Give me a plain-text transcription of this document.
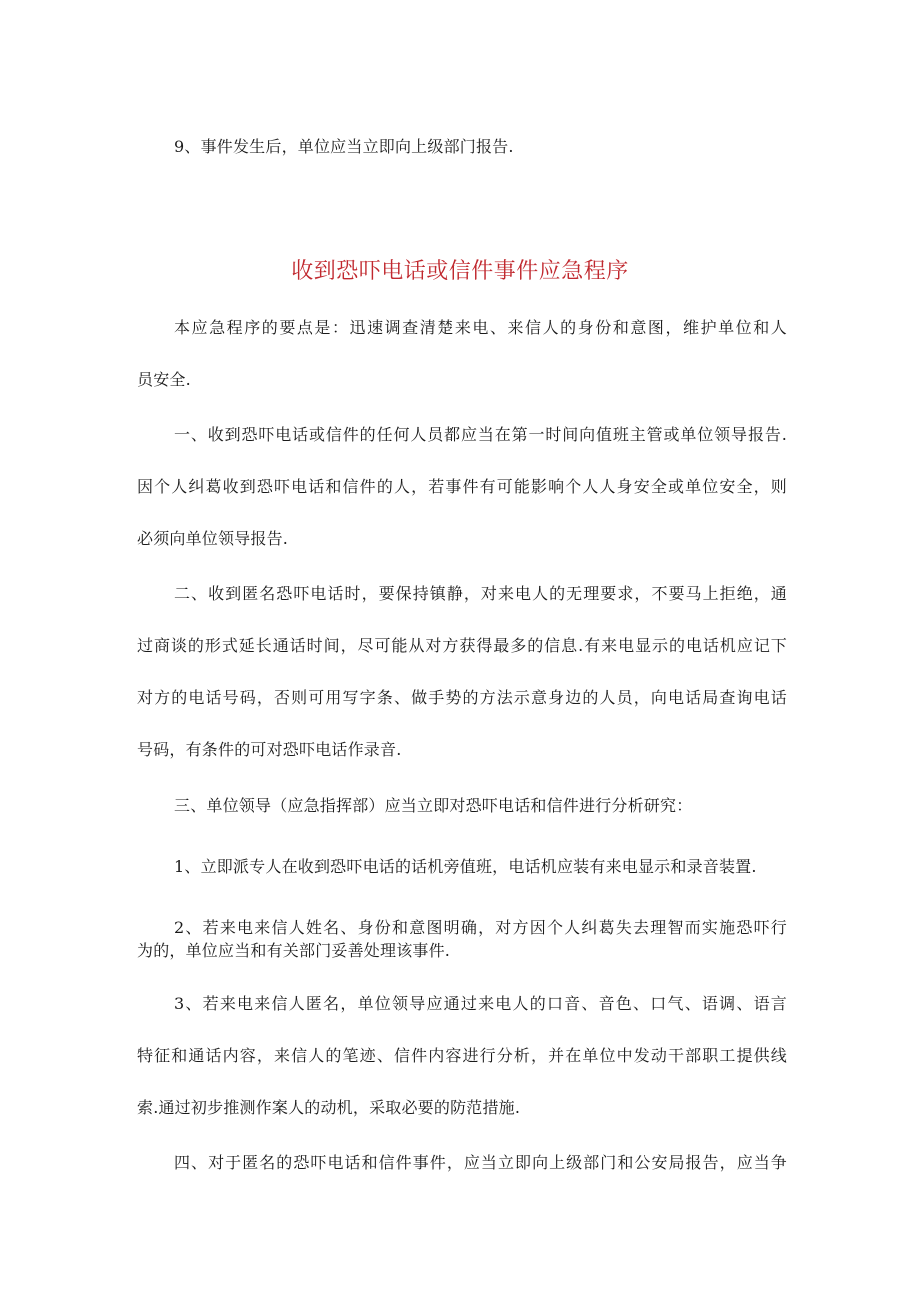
9、事件发生后，单位应当立即向上级部门报告.
收到恐吓电话或信件事件应急程序
本应急程序的要点是：迅速调查清楚来电、来信人的身份和意图，维护单位和人
员安全.
一、收到恐吓电话或信件的任何人员都应当在第一时间向值班主管或单位领导报告.
因个人纠葛收到恐吓电话和信件的人，若事件有可能影响个人人身安全或单位安全，则
必须向单位领导报告.
二、收到匿名恐吓电话时，要保持镇静，对来电人的无理要求，不要马上拒绝，通
过商谈的形式延长通话时间，尽可能从对方获得最多的信息.有来电显示的电话机应记下
对方的电话号码，否则可用写字条、做手势的方法示意身边的人员，向电话局查询电话
号码，有条件的可对恐吓电话作录音.
三、单位领导（应急指挥部）应当立即对恐吓电话和信件进行分析研究：
1、立即派专人在收到恐吓电话的话机旁值班，电话机应装有来电显示和录音装置.
2、若来电来信人姓名、身份和意图明确，对方因个人纠葛失去理智而实施恐吓行
为的，单位应当和有关部门妥善处理该事件.
3、若来电来信人匿名，单位领导应通过来电人的口音、音色、口气、语调、语言
特征和通话内容，来信人的笔迹、信件内容进行分析，并在单位中发动干部职工提供线
索.通过初步推测作案人的动机，采取必要的防范措施.
四、对于匿名的恐吓电话和信件事件，应当立即向上级部门和公安局报告，应当争
